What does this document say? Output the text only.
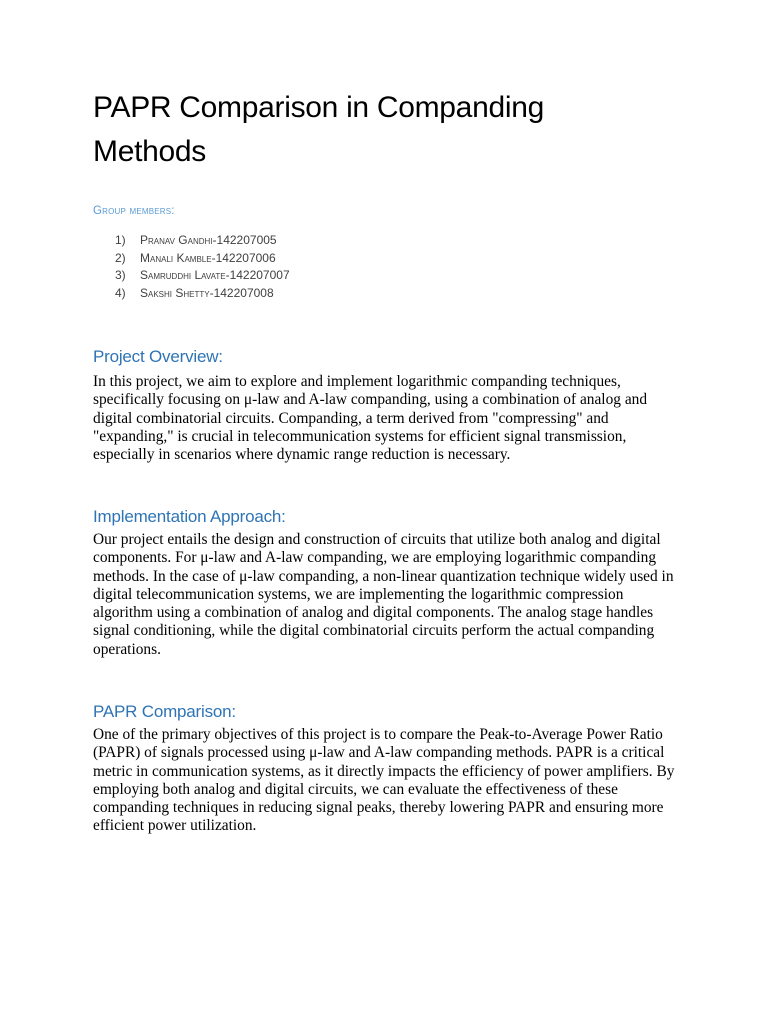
PAPR Comparison in Companding Methods
Group members:
1)	Pranav Gandhi-142207005
2)	Manali Kamble-142207006
3)	Samruddhi Lavate-142207007
4)	Sakshi Shetty-142207008
Project Overview:

In this project, we aim to explore and implement logarithmic companding techniques, specifically focusing on μ-law and A-law companding, using a combination of analog and digital combinatorial circuits. Companding, a term derived from "compressing" and "expanding," is crucial in telecommunication systems for efficient signal transmission, especially in scenarios where dynamic range reduction is necessary.

Implementation Approach:

Our project entails the design and construction of circuits that utilize both analog and digital components. For μ-law and A-law companding, we are employing logarithmic companding methods. In the case of μ-law companding, a non-linear quantization technique widely used in digital telecommunication systems, we are implementing the logarithmic compression algorithm using a combination of analog and digital components. The analog stage handles signal conditioning, while the digital combinatorial circuits perform the actual companding operations.

PAPR Comparison:

One of the primary objectives of this project is to compare the Peak-to-Average Power Ratio (PAPR) of signals processed using μ-law and A-law companding methods. PAPR is a critical metric in communication systems, as it directly impacts the efficiency of power amplifiers. By employing both analog and digital circuits, we can evaluate the effectiveness of these companding techniques in reducing signal peaks, thereby lowering PAPR and ensuring more efficient power utilization.
